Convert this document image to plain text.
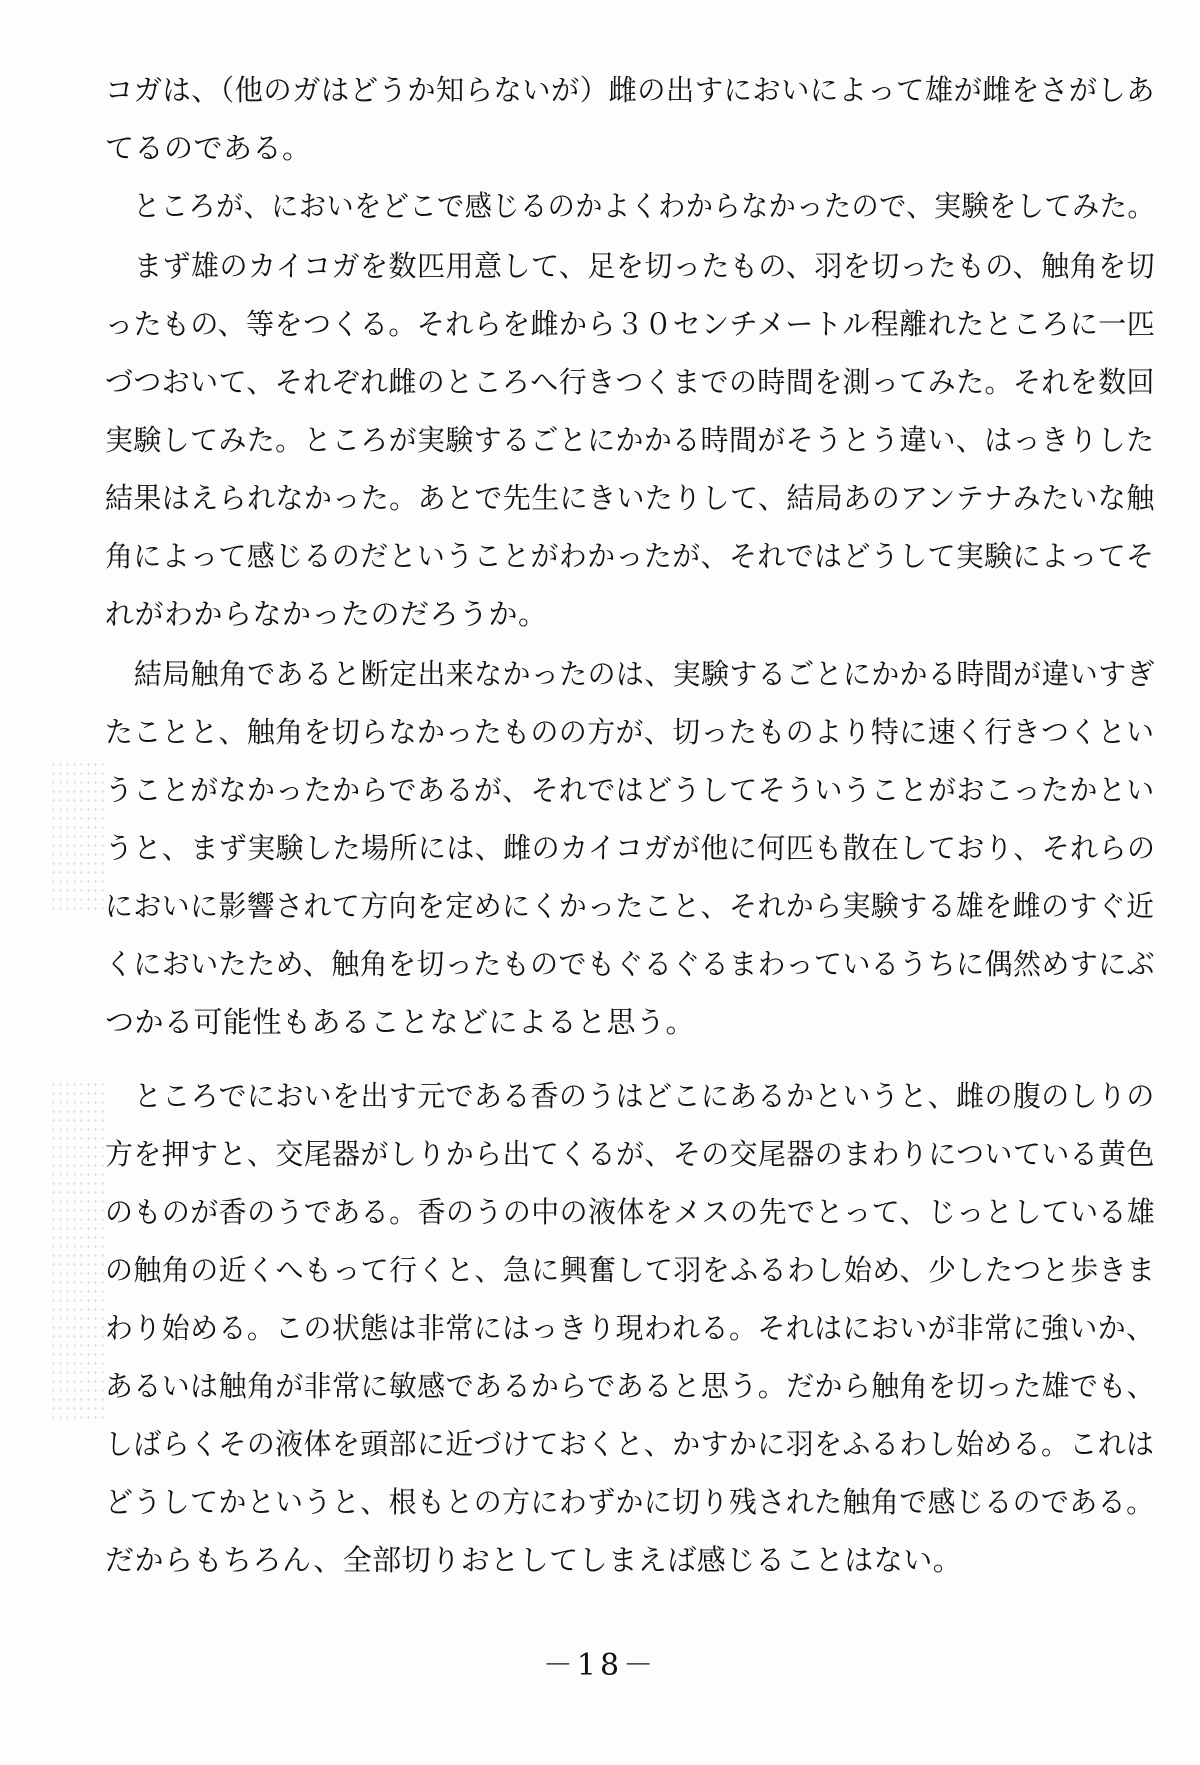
コガは、（他のガはどうか知らないが）雌の出すにおいによって雄が雌をさがしあ
てるのである。
ところが、においをどこで感じるのかよくわからなかったので、実験をしてみた。
まず雄のカイコガを数匹用意して、足を切ったもの、羽を切ったもの、触角を切
ったもの、等をつくる。それらを雌から３０センチメートル程離れたところに一匹
づつおいて、それぞれ雌のところへ行きつくまでの時間を測ってみた。それを数回
実験してみた。ところが実験するごとにかかる時間がそうとう違い、はっきりした
結果はえられなかった。あとで先生にきいたりして、結局あのアンテナみたいな触
角によって感じるのだということがわかったが、それではどうして実験によってそ
れがわからなかったのだろうか。
結局触角であると断定出来なかったのは、実験するごとにかかる時間が違いすぎ
たことと、触角を切らなかったものの方が、切ったものより特に速く行きつくとい
うことがなかったからであるが、それではどうしてそういうことがおこったかとい
うと、まず実験した場所には、雌のカイコガが他に何匹も散在しており、それらの
においに影響されて方向を定めにくかったこと、それから実験する雄を雌のすぐ近
くにおいたため、触角を切ったものでもぐるぐるまわっているうちに偶然めすにぶ
つかる可能性もあることなどによると思う。
ところでにおいを出す元である香のうはどこにあるかというと、雌の腹のしりの
方を押すと、交尾器がしりから出てくるが、その交尾器のまわりについている黄色
のものが香のうである。香のうの中の液体をメスの先でとって、じっとしている雄
の触角の近くへもって行くと、急に興奮して羽をふるわし始め、少したつと歩きま
わり始める。この状態は非常にはっきり現われる。それはにおいが非常に強いか、
あるいは触角が非常に敏感であるからであると思う。だから触角を切った雄でも、
しばらくその液体を頭部に近づけておくと、かすかに羽をふるわし始める。これは
どうしてかというと、根もとの方にわずかに切り残された触角で感じるのである。
だからもちろん、全部切りおとしてしまえば感じることはない。
－18－
